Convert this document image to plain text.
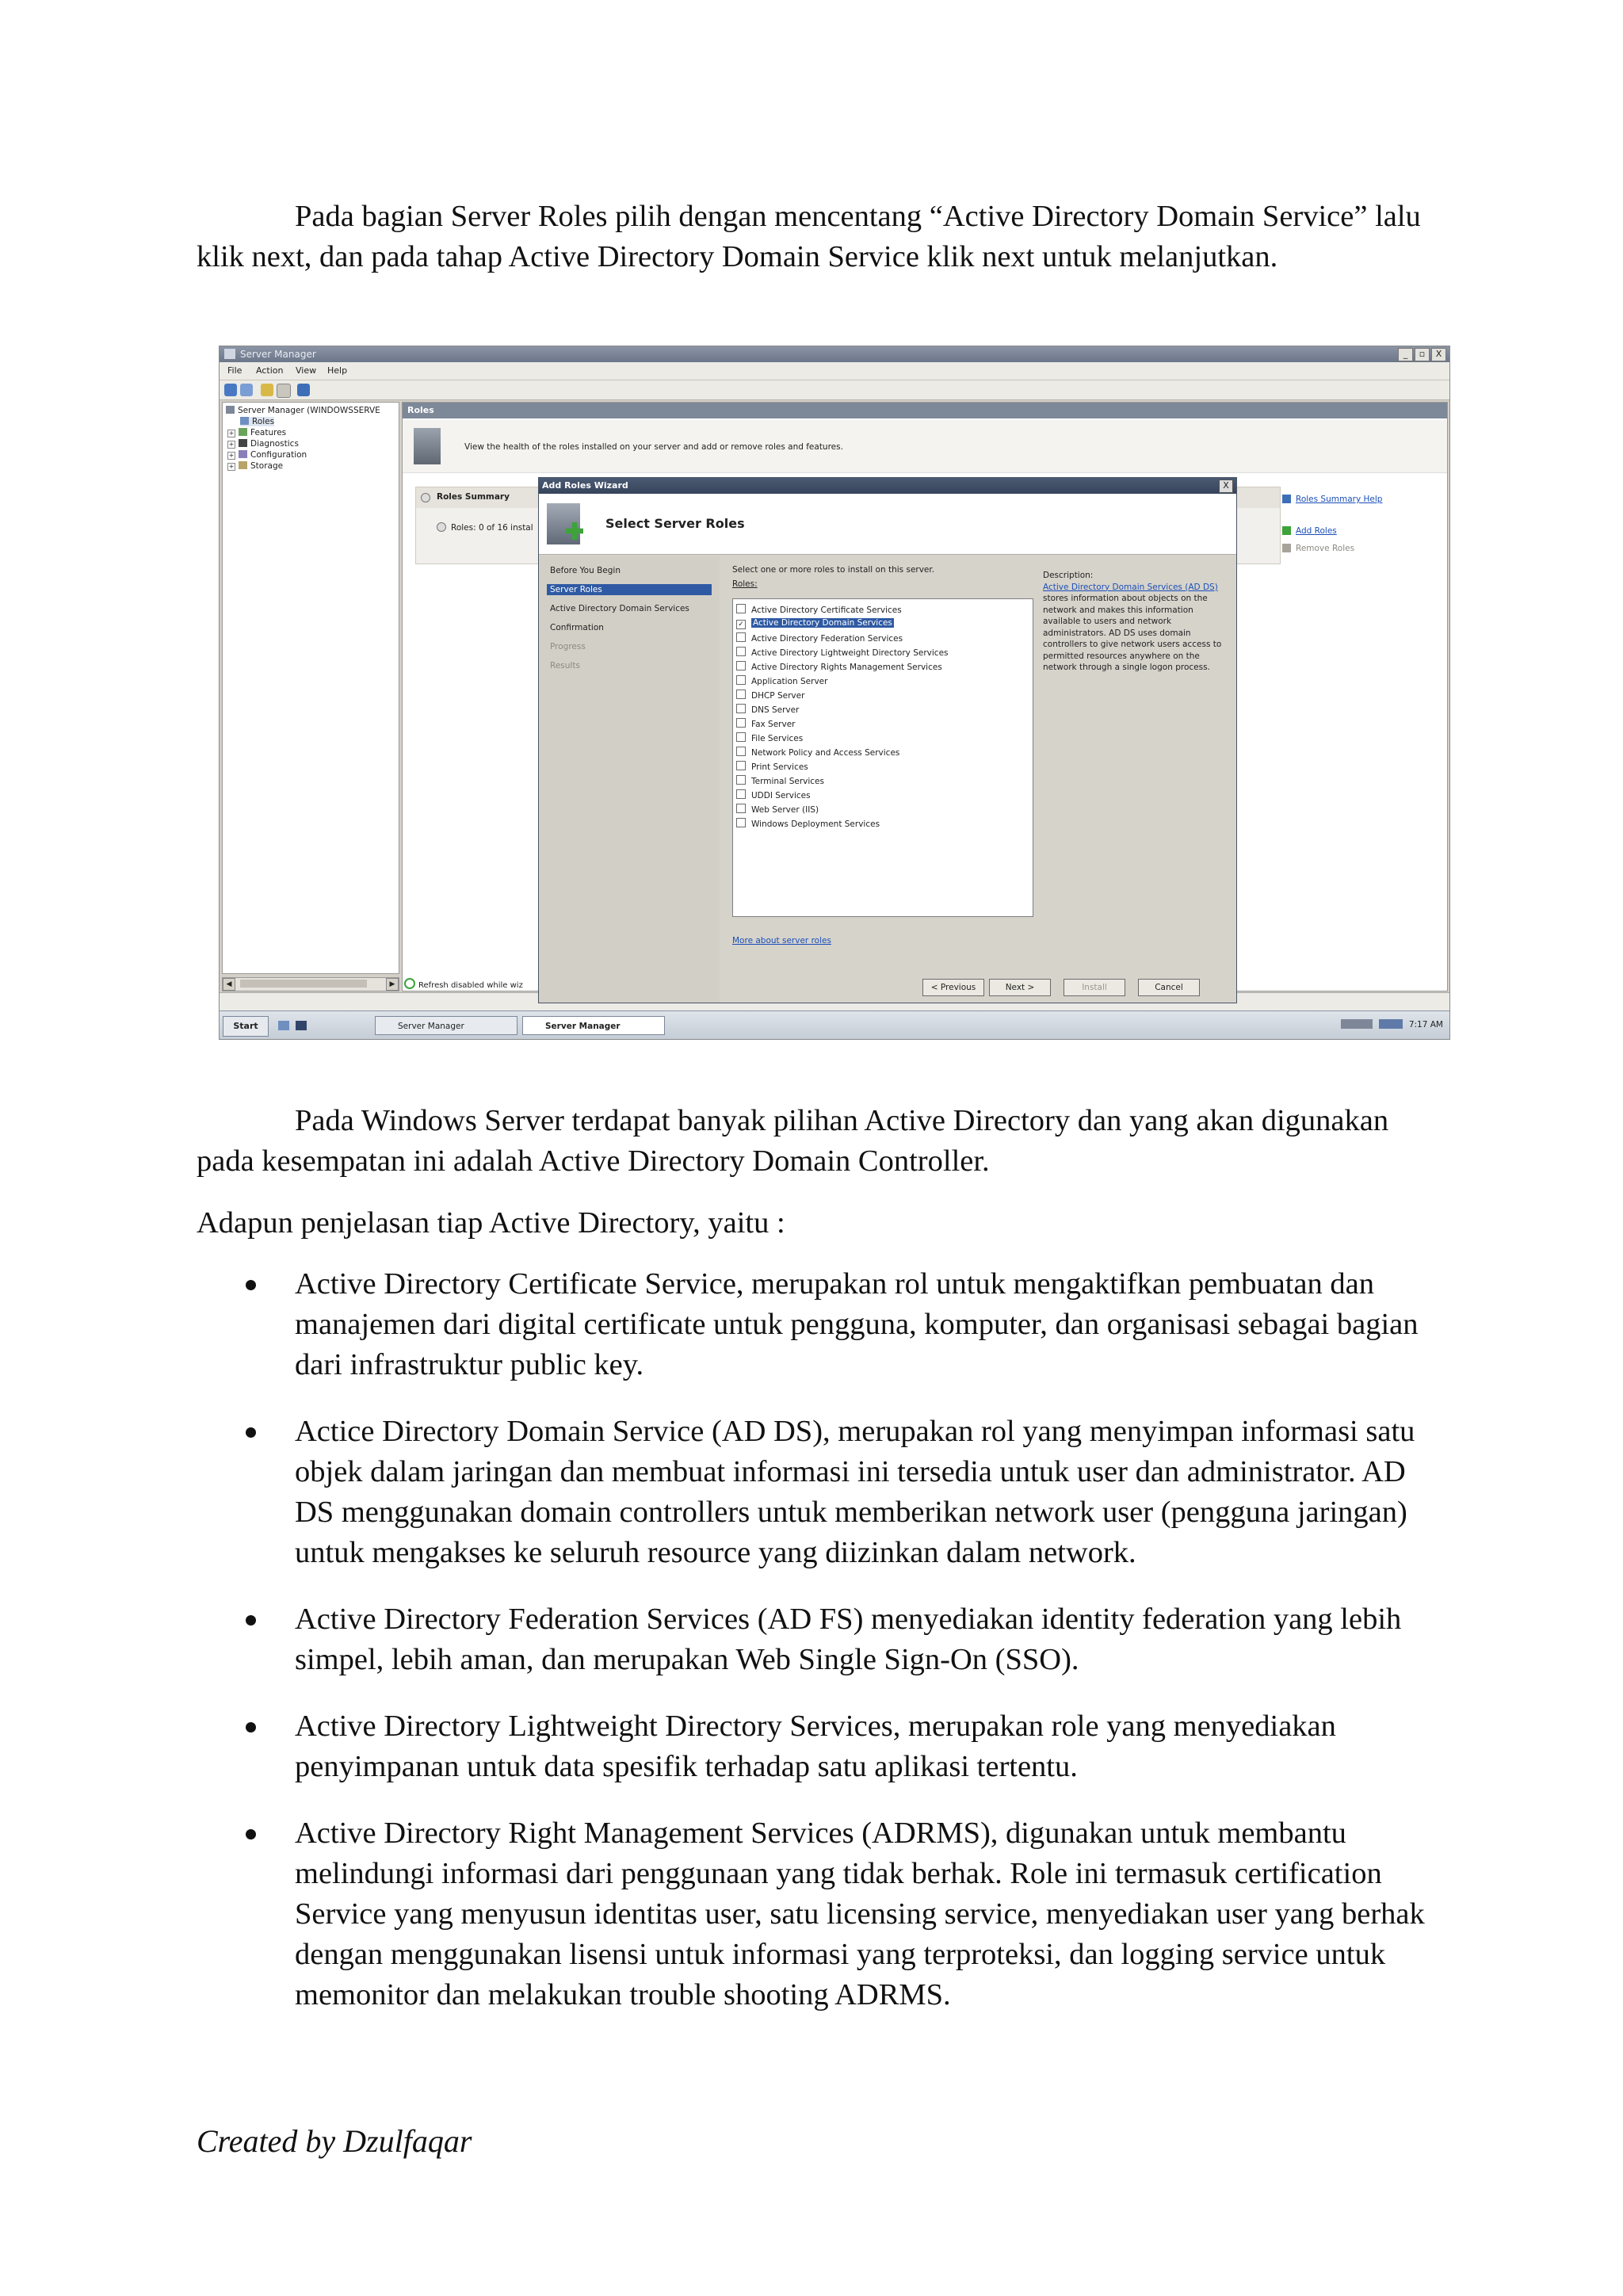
Pada bagian Server Roles pilih dengan mencentang “Active Directory Domain Service” lalu klik next, dan pada tahap Active Directory Domain Service klik next untuk melanjutkan.

Server Manager	_	▫	X
File Action View Help
Server Manager (WINDOWSSERVE
Roles
+ Features
+ Diagnostics
+ Configuration
+ Storage
◀	▶
Roles
View the health of the roles installed on your server and add or remove roles and features.
Roles Summary
Roles: 0 of 16 instal
Roles Summary Help
Add Roles
Remove Roles
Refresh disabled while wiz
Start	Server Manager	Server Manager	7:17 AM
Add Roles Wizard	X
Select Server Roles
Before You Begin
Server Roles
Active Directory Domain Services
Confirmation
Progress
Results
Select one or more roles to install on this server.
Roles:
Active Directory Certificate Services
✓ Active Directory Domain Services
Active Directory Federation Services
Active Directory Lightweight Directory Services
Active Directory Rights Management Services
Application Server
DHCP Server
DNS Server
Fax Server
File Services
Network Policy and Access Services
Print Services
Terminal Services
UDDI Services
Web Server (IIS)
Windows Deployment Services
Description:
Active Directory Domain Services (AD DS) stores information about objects on the network and makes this information available to users and network administrators. AD DS uses domain controllers to give network users access to permitted resources anywhere on the network through a single logon process.
More about server roles
< Previous	Next >	Install	Cancel

Pada Windows Server terdapat banyak pilihan Active Directory dan yang akan digunakan pada kesempatan ini adalah Active Directory Domain Controller.

Adapun penjelasan tiap Active Directory, yaitu :

Active Directory Certificate Service, merupakan rol untuk mengaktifkan pembuatan dan manajemen dari digital certificate untuk pengguna, komputer, dan organisasi sebagai bagian dari infrastruktur public key.
Actice Directory Domain Service (AD DS), merupakan rol yang menyimpan informasi satu objek dalam jaringan dan membuat informasi ini tersedia untuk user dan administrator. AD DS menggunakan domain controllers untuk memberikan network user (pengguna jaringan) untuk mengakses ke seluruh resource yang diizinkan dalam network.
Active Directory Federation Services (AD FS) menyediakan identity federation yang lebih simpel, lebih aman, dan merupakan Web Single Sign-On (SSO).
Active Directory Lightweight Directory Services, merupakan role yang menyediakan penyimpanan untuk data spesifik terhadap satu aplikasi tertentu.
Active Directory Right Management Services (ADRMS), digunakan untuk membantu melindungi informasi dari penggunaan yang tidak berhak. Role ini termasuk certification Service yang menyusun identitas user, satu licensing service, menyediakan user yang berhak dengan menggunakan lisensi untuk informasi yang terproteksi, dan logging service untuk memonitor dan melakukan trouble shooting ADRMS.
Created by Dzulfaqar
